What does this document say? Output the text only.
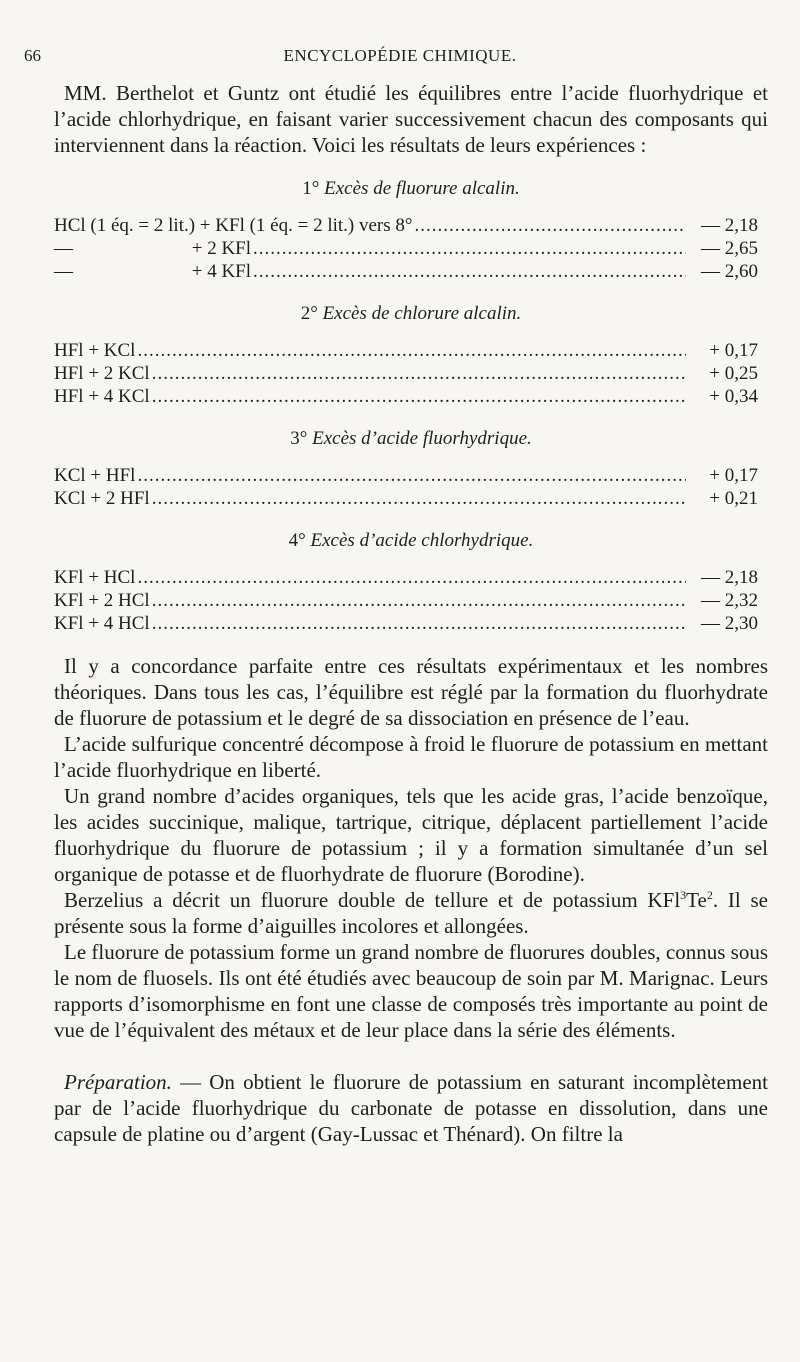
66	ENCYCLOPÉDIE CHIMIQUE.

MM. Berthelot et Guntz ont étudié les équilibres entre l’acide fluorhydrique et l’acide chlorhydrique, en faisant varier successivement chacun des composants qui interviennent dans la réaction. Voici les résultats de leurs expériences :

1° Excès de fluorure alcalin.

HCl (1 éq. = 2 lit.) + KFl (1 éq. = 2 lit.) vers 8° .....	— 2,18
—                         + 2 KFl .....	— 2,65
—                         + 4 KFl .....	— 2,60

2° Excès de chlorure alcalin.

HFl + KCl .....	+ 0,17
HFl + 2 KCl .....	+ 0,25
HFl + 4 KCl .....	+ 0,34

3° Excès d’acide fluorhydrique.

KCl + HFl .....	+ 0,17
KCl + 2 HFl .....	+ 0,21

4° Excès d’acide chlorhydrique.

KFl + HCl .....	— 2,18
KFl + 2 HCl .....	— 2,32
KFl + 4 HCl .....	— 2,30

Il y a concordance parfaite entre ces résultats expérimentaux et les nombres théoriques. Dans tous les cas, l’équilibre est réglé par la formation du fluorhydrate de fluorure de potassium et le degré de sa dissociation en présence de l’eau.

L’acide sulfurique concentré décompose à froid le fluorure de potassium en mettant l’acide fluorhydrique en liberté.

Un grand nombre d’acides organiques, tels que les acide gras, l’acide benzoïque, les acides succinique, malique, tartrique, citrique, déplacent partiellement l’acide fluorhydrique du fluorure de potassium ; il y a formation simultanée d’un sel organique de potasse et de fluorhydrate de fluorure (Borodine).

Berzelius a décrit un fluorure double de tellure et de potassium KFl$^3$Te$^2$. Il se présente sous la forme d’aiguilles incolores et allongées.

Le fluorure de potassium forme un grand nombre de fluorures doubles, connus sous le nom de fluosels. Ils ont été étudiés avec beaucoup de soin par M. Marignac. Leurs rapports d’isomorphisme en font une classe de composés très importante au point de vue de l’équivalent des métaux et de leur place dans la série des éléments.

Préparation. — On obtient le fluorure de potassium en saturant incomplètement par de l’acide fluorhydrique du carbonate de potasse en dissolution, dans une capsule de platine ou d’argent (Gay-Lussac et Thénard). On filtre la
